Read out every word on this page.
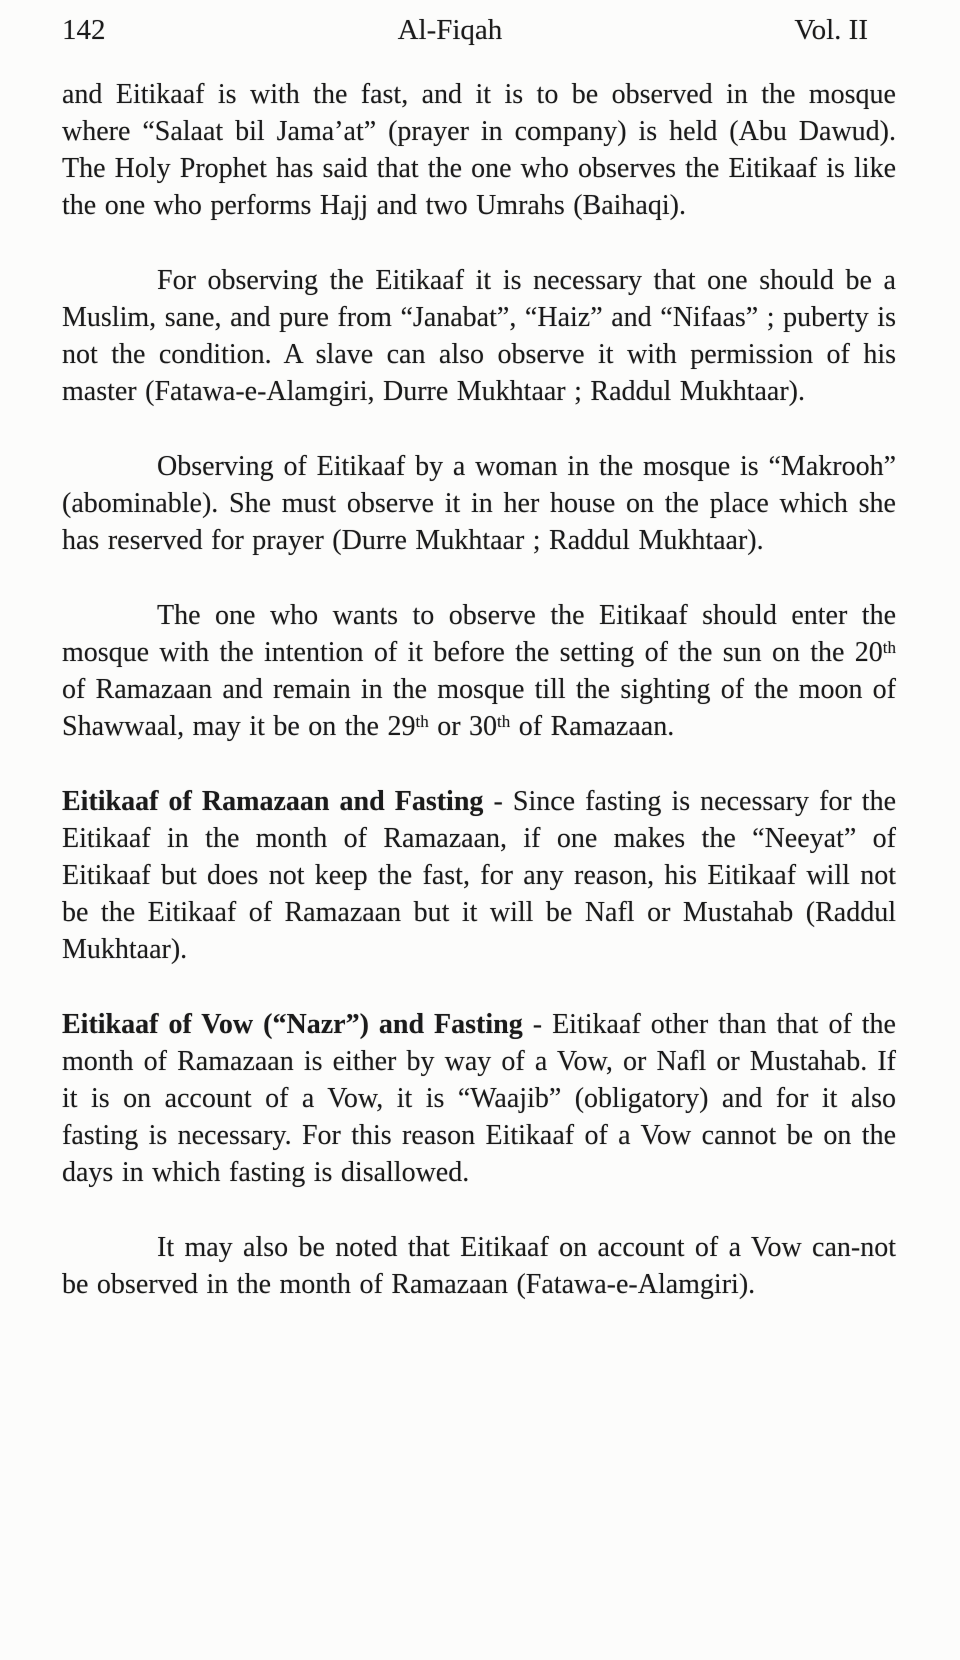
142	Al-Fiqah	Vol. II

and Eitikaaf is with the fast, and it is to be observed in the mosque where “Salaat bil Jama’at” (prayer in company) is held (Abu Dawud). The Holy Prophet has said that the one who observes the Eitikaaf is like the one who performs Hajj and two Umrahs (Baihaqi).

For observing the Eitikaaf it is necessary that one should be a Muslim, sane, and pure from “Janabat”, “Haiz” and “Nifaas” ; puberty is not the condition. A slave can also observe it with permission of his master (Fatawa-e-Alamgiri, Durre Mukhtaar ; Raddul Mukhtaar).

Observing of Eitikaaf by a woman in the mosque is “Makrooh” (abominable). She must observe it in her house on the place which she has reserved for prayer (Durre Mukhtaar ; Raddul Mukhtaar).

The one who wants to observe the Eitikaaf should enter the mosque with the intention of it before the setting of the sun on the 20th of Ramazaan and remain in the mosque till the sighting of the moon of Shawwaal, may it be on the 29th or 30th of Ramazaan.

Eitikaaf of Ramazaan and Fasting - Since fasting is necessary for the Eitikaaf in the month of Ramazaan, if one makes the “Neeyat” of Eitikaaf but does not keep the fast, for any reason, his Eitikaaf will not be the Eitikaaf of Ramazaan but it will be Nafl or Mustahab (Raddul Mukhtaar).

Eitikaaf of Vow (“Nazr”) and Fasting - Eitikaaf other than that of the month of Ramazaan is either by way of a Vow, or Nafl or Mustahab. If it is on account of a Vow, it is “Waajib” (obligatory) and for it also fasting is necessary. For this reason Eitikaaf of a Vow cannot be on the days in which fasting is disallowed.

It may also be noted that Eitikaaf on account of a Vow can-not be observed in the month of Ramazaan (Fatawa-e-Alamgiri).
